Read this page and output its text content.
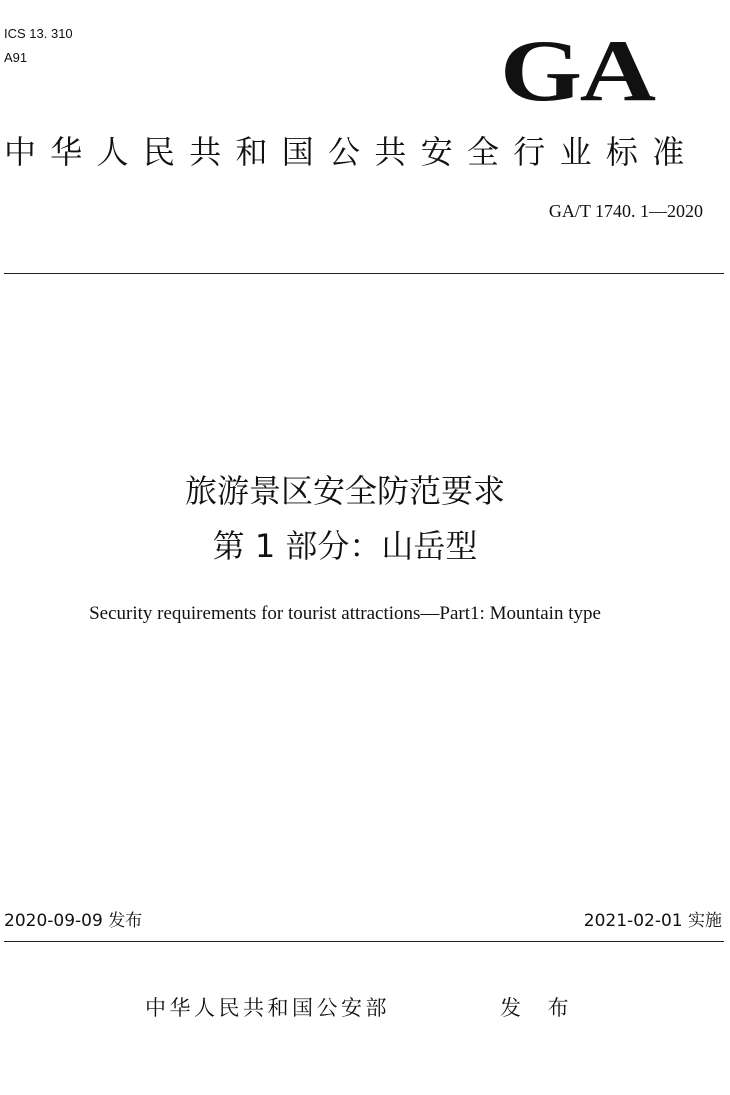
ICS 13. 310
A91	GA
中华人民共和国公共安全行业标准
GA/T 1740. 1—2020
旅游景区安全防范要求
第 1 部分：山岳型
Security requirements for tourist attractions—Part1: Mountain type
2020-09-09 发布	2021-02-01 实施
中华人民共和国公安部	发 布
